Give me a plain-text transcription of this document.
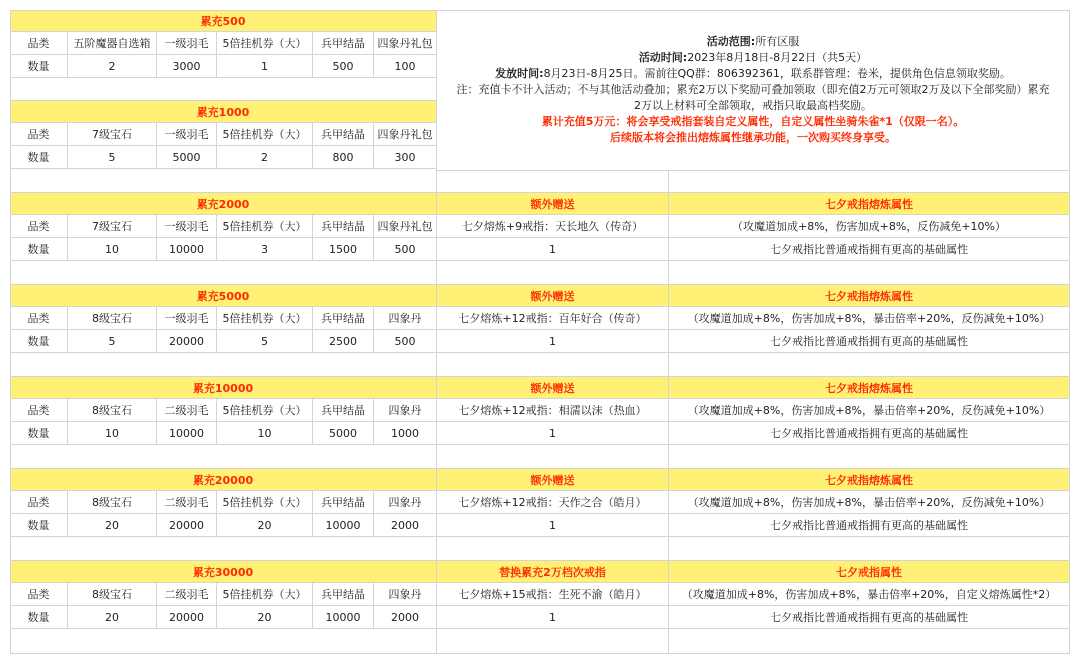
活动范围:所有区服
活动时间:2023年8月18日-8月22日（共5天）
发放时间:8月23日-8月25日。需前往QQ群：806392361，联系群管理：卷米，提供角色信息领取奖励。
注：充值卡不计入活动；不与其他活动叠加；累充2万以下奖励可叠加领取（即充值2万元可领取2万及以下全部奖励）累充
2万以上材料可全部领取，戒指只取最高档奖励。
累计充值5万元：将会享受戒指套装自定义属性，自定义属性坐骑朱雀*1（仅限一名）。
后续版本将会推出熔炼属性继承功能，一次购买终身享受。
累充500
品类	五阶魔器自选箱	一级羽毛	5倍挂机券（大）	兵甲结晶	四象丹礼包
数量	2	3000	1	500	100
累充1000
品类	7级宝石	一级羽毛	5倍挂机券（大）	兵甲结晶	四象丹礼包
数量	5	5000	2	800	300
累充2000	额外赠送	七夕戒指熔炼属性
品类	7级宝石	一级羽毛	5倍挂机券（大）	兵甲结晶	四象丹礼包	七夕熔炼+9戒指：天长地久（传奇）	（攻魔道加成+8%，伤害加成+8%，反伤减免+10%）
数量	10	10000	3	1500	500	1	七夕戒指比普通戒指拥有更高的基础属性
累充5000	额外赠送	七夕戒指熔炼属性
品类	8级宝石	一级羽毛	5倍挂机券（大）	兵甲结晶	四象丹	七夕熔炼+12戒指：百年好合（传奇）	（攻魔道加成+8%，伤害加成+8%，暴击倍率+20%，反伤减免+10%）
数量	5	20000	5	2500	500	1	七夕戒指比普通戒指拥有更高的基础属性
累充10000	额外赠送	七夕戒指熔炼属性
品类	8级宝石	二级羽毛	5倍挂机券（大）	兵甲结晶	四象丹	七夕熔炼+12戒指：相濡以沫（热血）	（攻魔道加成+8%，伤害加成+8%，暴击倍率+20%，反伤减免+10%）
数量	10	10000	10	5000	1000	1	七夕戒指比普通戒指拥有更高的基础属性
累充20000	额外赠送	七夕戒指熔炼属性
品类	8级宝石	二级羽毛	5倍挂机券（大）	兵甲结晶	四象丹	七夕熔炼+12戒指：天作之合（皓月）	（攻魔道加成+8%，伤害加成+8%，暴击倍率+20%，反伤减免+10%）
数量	20	20000	20	10000	2000	1	七夕戒指比普通戒指拥有更高的基础属性
累充30000	替换累充2万档次戒指	七夕戒指属性
品类	8级宝石	二级羽毛	5倍挂机券（大）	兵甲结晶	四象丹	七夕熔炼+15戒指：生死不渝（皓月）	（攻魔道加成+8%，伤害加成+8%，暴击倍率+20%，自定义熔炼属性*2）
数量	20	20000	20	10000	2000	1	七夕戒指比普通戒指拥有更高的基础属性
